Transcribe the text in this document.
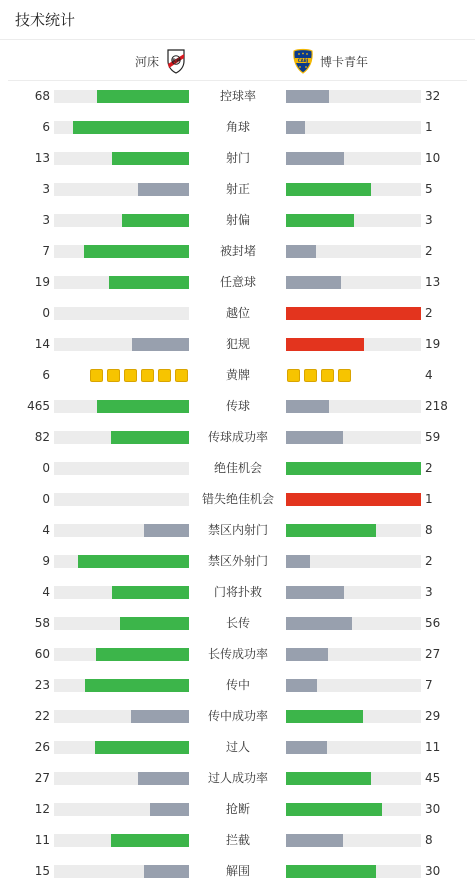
技术统计
河床	RP	CABJ 博卡青年
68	控球率	32
6	角球	1
13	射门	10
3	射正	5
3	射偏	3
7	被封堵	2
19	任意球	13
0	越位	2
14	犯规	19
6	黄牌	4
465	传球	218
82	传球成功率	59
0	绝佳机会	2
0	错失绝佳机会	1
4	禁区内射门	8
9	禁区外射门	2
4	门将扑救	3
58	长传	56
60	长传成功率	27
23	传中	7
22	传中成功率	29
26	过人	11
27	过人成功率	45
12	抢断	30
11	拦截	8
15	解围	30
